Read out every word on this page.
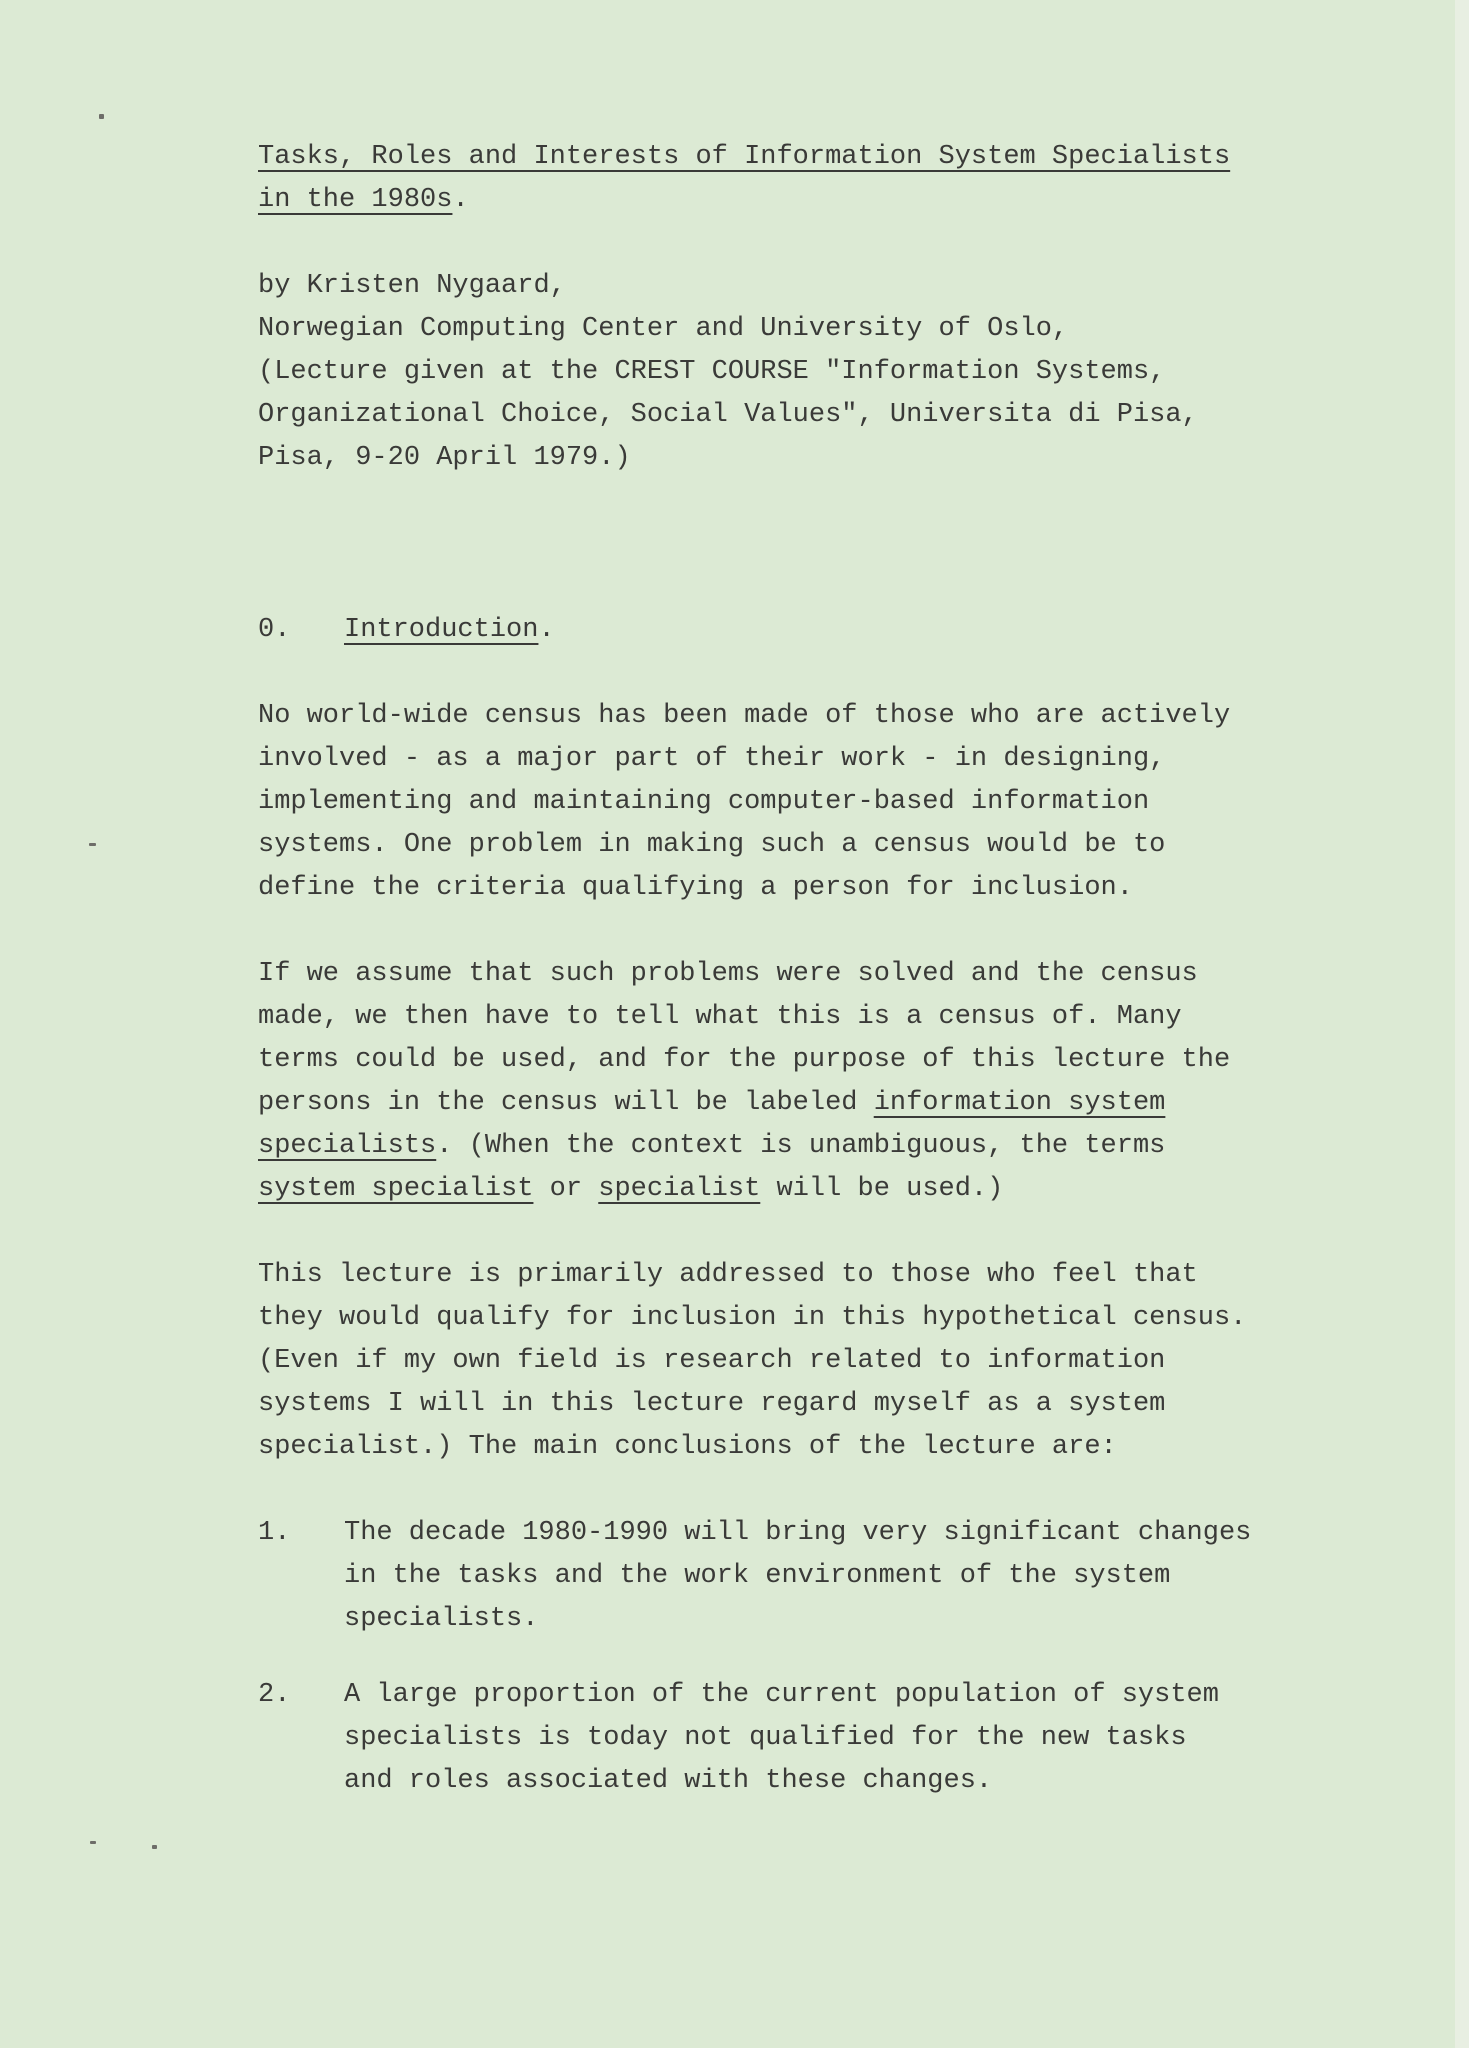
Tasks, Roles and Interests of Information System Specialists
in the 1980s.
by Kristen Nygaard,
Norwegian Computing Center and University of Oslo,
(Lecture given at the CREST COURSE "Information Systems,
Organizational Choice, Social Values", Universita di Pisa,
Pisa, 9-20 April 1979.)
0.	Introduction .
No world-wide census has been made of those who are actively
involved - as a major part of their work - in designing,
implementing and maintaining computer-based information
systems. One problem in making such a census would be to
define the criteria qualifying a person for inclusion.
If we assume that such problems were solved and the census
made, we then have to tell what this is a census of. Many
terms could be used, and for the purpose of this lecture the
persons in the census will be labeled information system
specialists. (When the context is unambiguous, the terms
system specialist or specialist will be used.)
This lecture is primarily addressed to those who feel that
they would qualify for inclusion in this hypothetical census.
(Even if my own field is research related to information
systems I will in this lecture regard myself as a system
specialist.) The main conclusions of the lecture are:
1.	The decade 1980-1990 will bring very significant changes
in the tasks and the work environment of the system
specialists.
2.	A large proportion of the current population of system
specialists is today not qualified for the new tasks
and roles associated with these changes.
